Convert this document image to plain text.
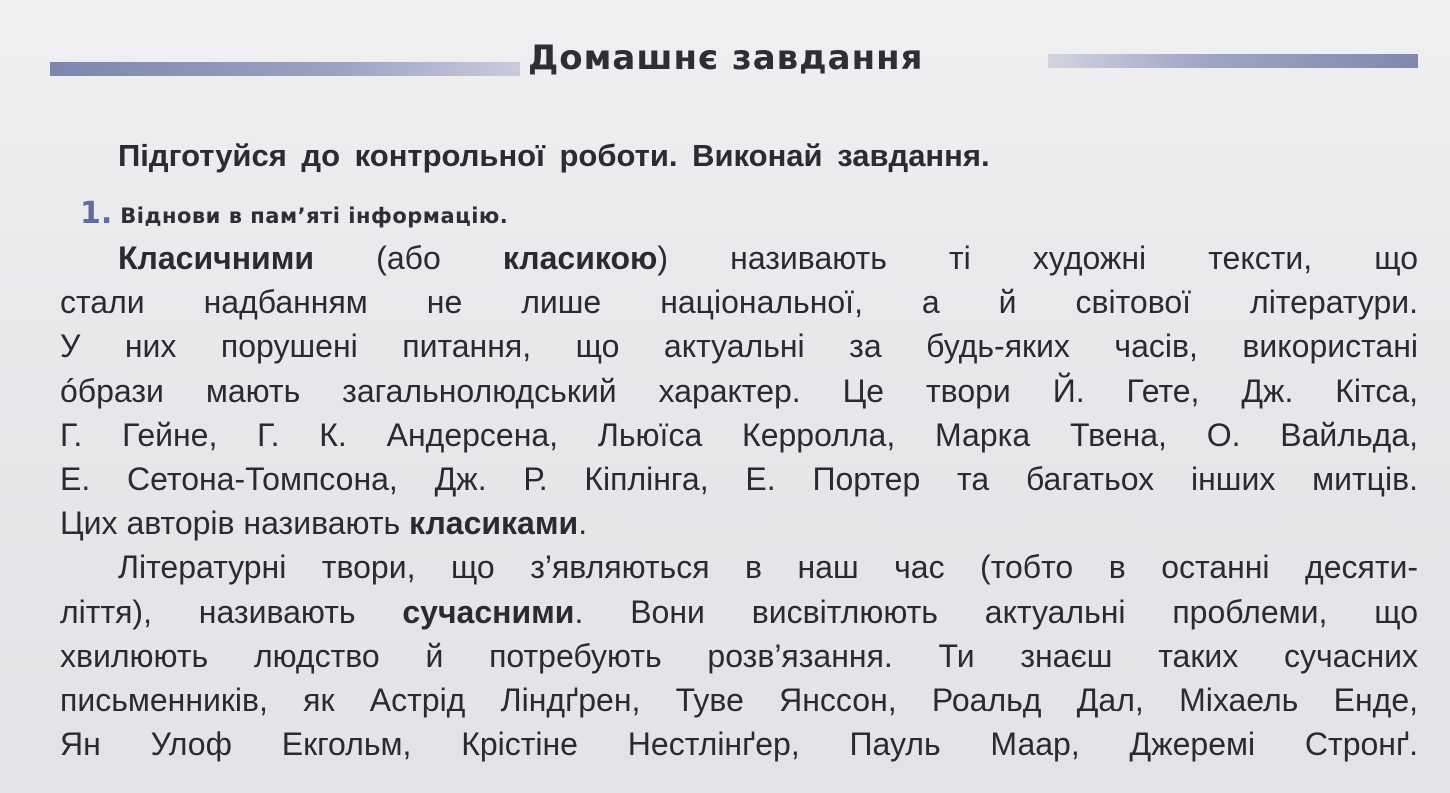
Домашнє завдання
Підготуйся до контрольної роботи. Виконай завдання.
1. Віднови в пам’яті інформацію.
Класичними (або класикою) називають ті художні тексти, що
стали надбанням не лише національної, а й світової літератури.
У них порушені питання, що актуальні за будь-яких часів, використані
óбрази мають загальнолюдський характер. Це твори Й. Гете, Дж. Кітса,
Г. Гейне, Г. К. Андерсена, Льюїса Керролла, Марка Твена, О. Вайльда,
Е. Сетона-Томпсона, Дж. Р. Кіплінга, Е. Портер та багатьох інших митців.
Цих авторів називають класиками.
Літературні твори, що з’являються в наш час (тобто в останні десяти-
ліття), називають сучасними. Вони висвітлюють актуальні проблеми, що
хвилюють людство й потребують розв’язання. Ти знаєш таких сучасних
письменників, як Астрід Ліндґрен, Туве Янссон, Роальд Дал, Міхаель Енде,
Ян Улоф Екгольм, Крістіне Нестлінґер, Пауль Маар, Джеремі Стронґ.
